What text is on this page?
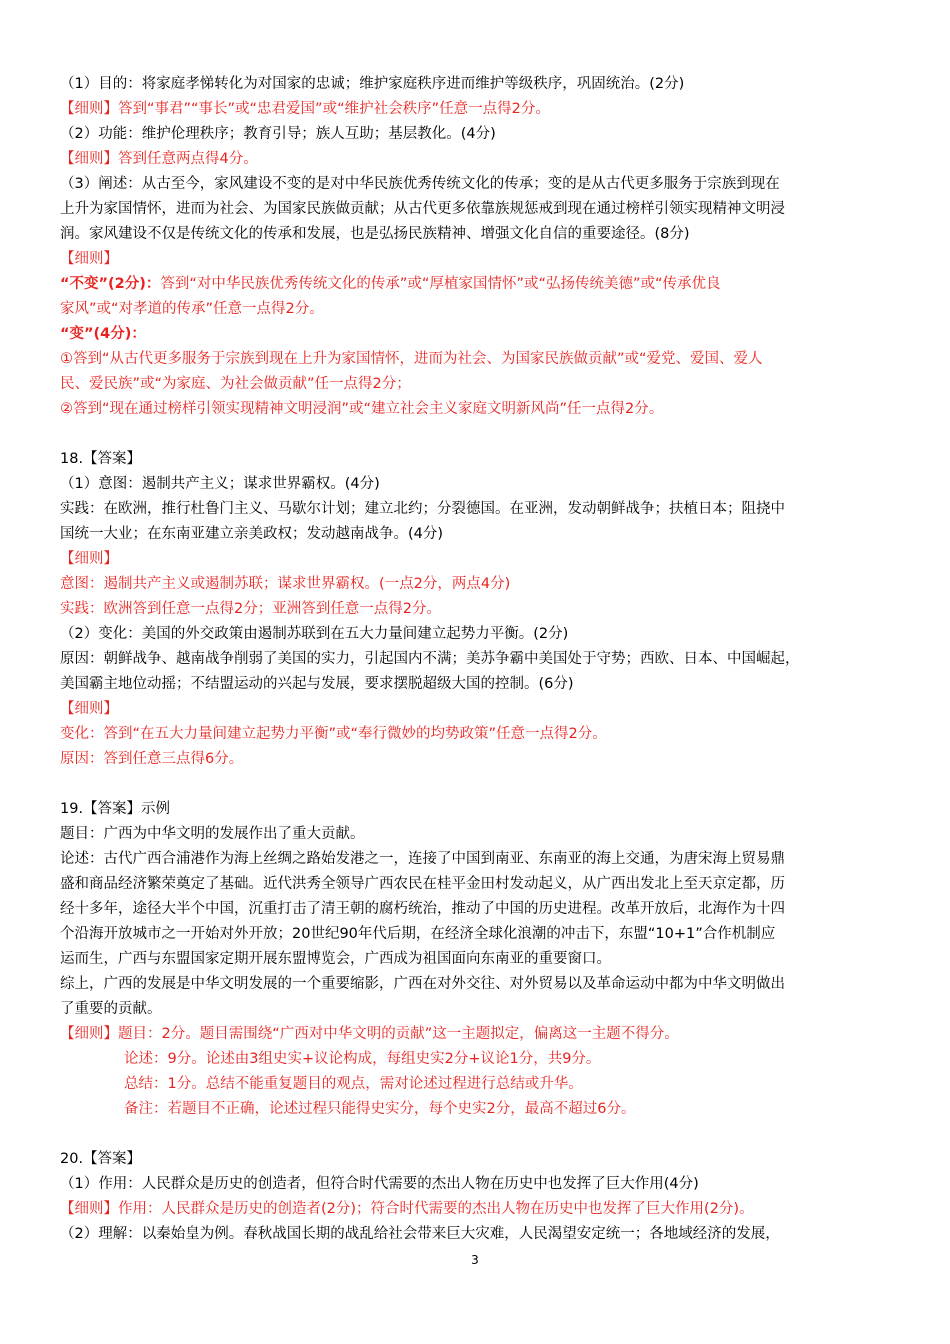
（1）目的：将家庭孝悌转化为对国家的忠诚；维护家庭秩序进而维护等级秩序，巩固统治。(2分)
【细则】答到“事君”“事长”或“忠君爱国”或“维护社会秩序”任意一点得2分。
（2）功能：维护伦理秩序；教育引导；族人互助；基层教化。(4分)
【细则】答到任意两点得4分。
（3）阐述：从古至今，家风建设不变的是对中华民族优秀传统文化的传承；变的是从古代更多服务于宗族到现在
上升为家国情怀，进而为社会、为国家民族做贡献；从古代更多依靠族规惩戒到现在通过榜样引领实现精神文明浸
润。家风建设不仅是传统文化的传承和发展，也是弘扬民族精神、增强文化自信的重要途径。(8分)
【细则】
“不变”(2分)：答到“对中华民族优秀传统文化的传承”或“厚植家国情怀”或“弘扬传统美德”或“传承优良
家风”或“对孝道的传承”任意一点得2分。
“变”(4分)：
①答到“从古代更多服务于宗族到现在上升为家国情怀，进而为社会、为国家民族做贡献”或“爱党、爱国、爱人
民、爱民族”或“为家庭、为社会做贡献”任一点得2分；
②答到“现在通过榜样引领实现精神文明浸润”或“建立社会主义家庭文明新风尚”任一点得2分。
18.【答案】
（1）意图：遏制共产主义；谋求世界霸权。(4分)
实践：在欧洲，推行杜鲁门主义、马歇尔计划；建立北约；分裂德国。在亚洲，发动朝鲜战争；扶植日本；阻挠中
国统一大业；在东南亚建立亲美政权；发动越南战争。(4分)
【细则】
意图：遏制共产主义或遏制苏联；谋求世界霸权。(一点2分，两点4分)
实践：欧洲答到任意一点得2分；亚洲答到任意一点得2分。
（2）变化：美国的外交政策由遏制苏联到在五大力量间建立起势力平衡。(2分)
原因：朝鲜战争、越南战争削弱了美国的实力，引起国内不满；美苏争霸中美国处于守势；西欧、日本、中国崛起，
美国霸主地位动摇；不结盟运动的兴起与发展，要求摆脱超级大国的控制。(6分)
【细则】
变化：答到“在五大力量间建立起势力平衡”或“奉行微妙的均势政策”任意一点得2分。
原因：答到任意三点得6分。
19.【答案】示例
题目：广西为中华文明的发展作出了重大贡献。
论述：古代广西合浦港作为海上丝绸之路始发港之一，连接了中国到南亚、东南亚的海上交通，为唐宋海上贸易鼎
盛和商品经济繁荣奠定了基础。近代洪秀全领导广西农民在桂平金田村发动起义，从广西出发北上至天京定都，历
经十多年，途径大半个中国，沉重打击了清王朝的腐朽统治，推动了中国的历史进程。改革开放后，北海作为十四
个沿海开放城市之一开始对外开放；20世纪90年代后期，在经济全球化浪潮的冲击下，东盟“10+1”合作机制应
运而生，广西与东盟国家定期开展东盟博览会，广西成为祖国面向东南亚的重要窗口。
综上，广西的发展是中华文明发展的一个重要缩影，广西在对外交往、对外贸易以及革命运动中都为中华文明做出
了重要的贡献。
【细则】题目：2分。题目需围绕“广西对中华文明的贡献”这一主题拟定，偏离这一主题不得分。
论述：9分。论述由3组史实+议论构成，每组史实2分+议论1分，共9分。
总结：1分。总结不能重复题目的观点，需对论述过程进行总结或升华。
备注：若题目不正确，论述过程只能得史实分，每个史实2分，最高不超过6分。
20.【答案】
（1）作用：人民群众是历史的创造者，但符合时代需要的杰出人物在历史中也发挥了巨大作用(4分)
【细则】作用：人民群众是历史的创造者(2分)；符合时代需要的杰出人物在历史中也发挥了巨大作用(2分)。
（2）理解：以秦始皇为例。春秋战国长期的战乱给社会带来巨大灾难，人民渴望安定统一；各地域经济的发展，
3
